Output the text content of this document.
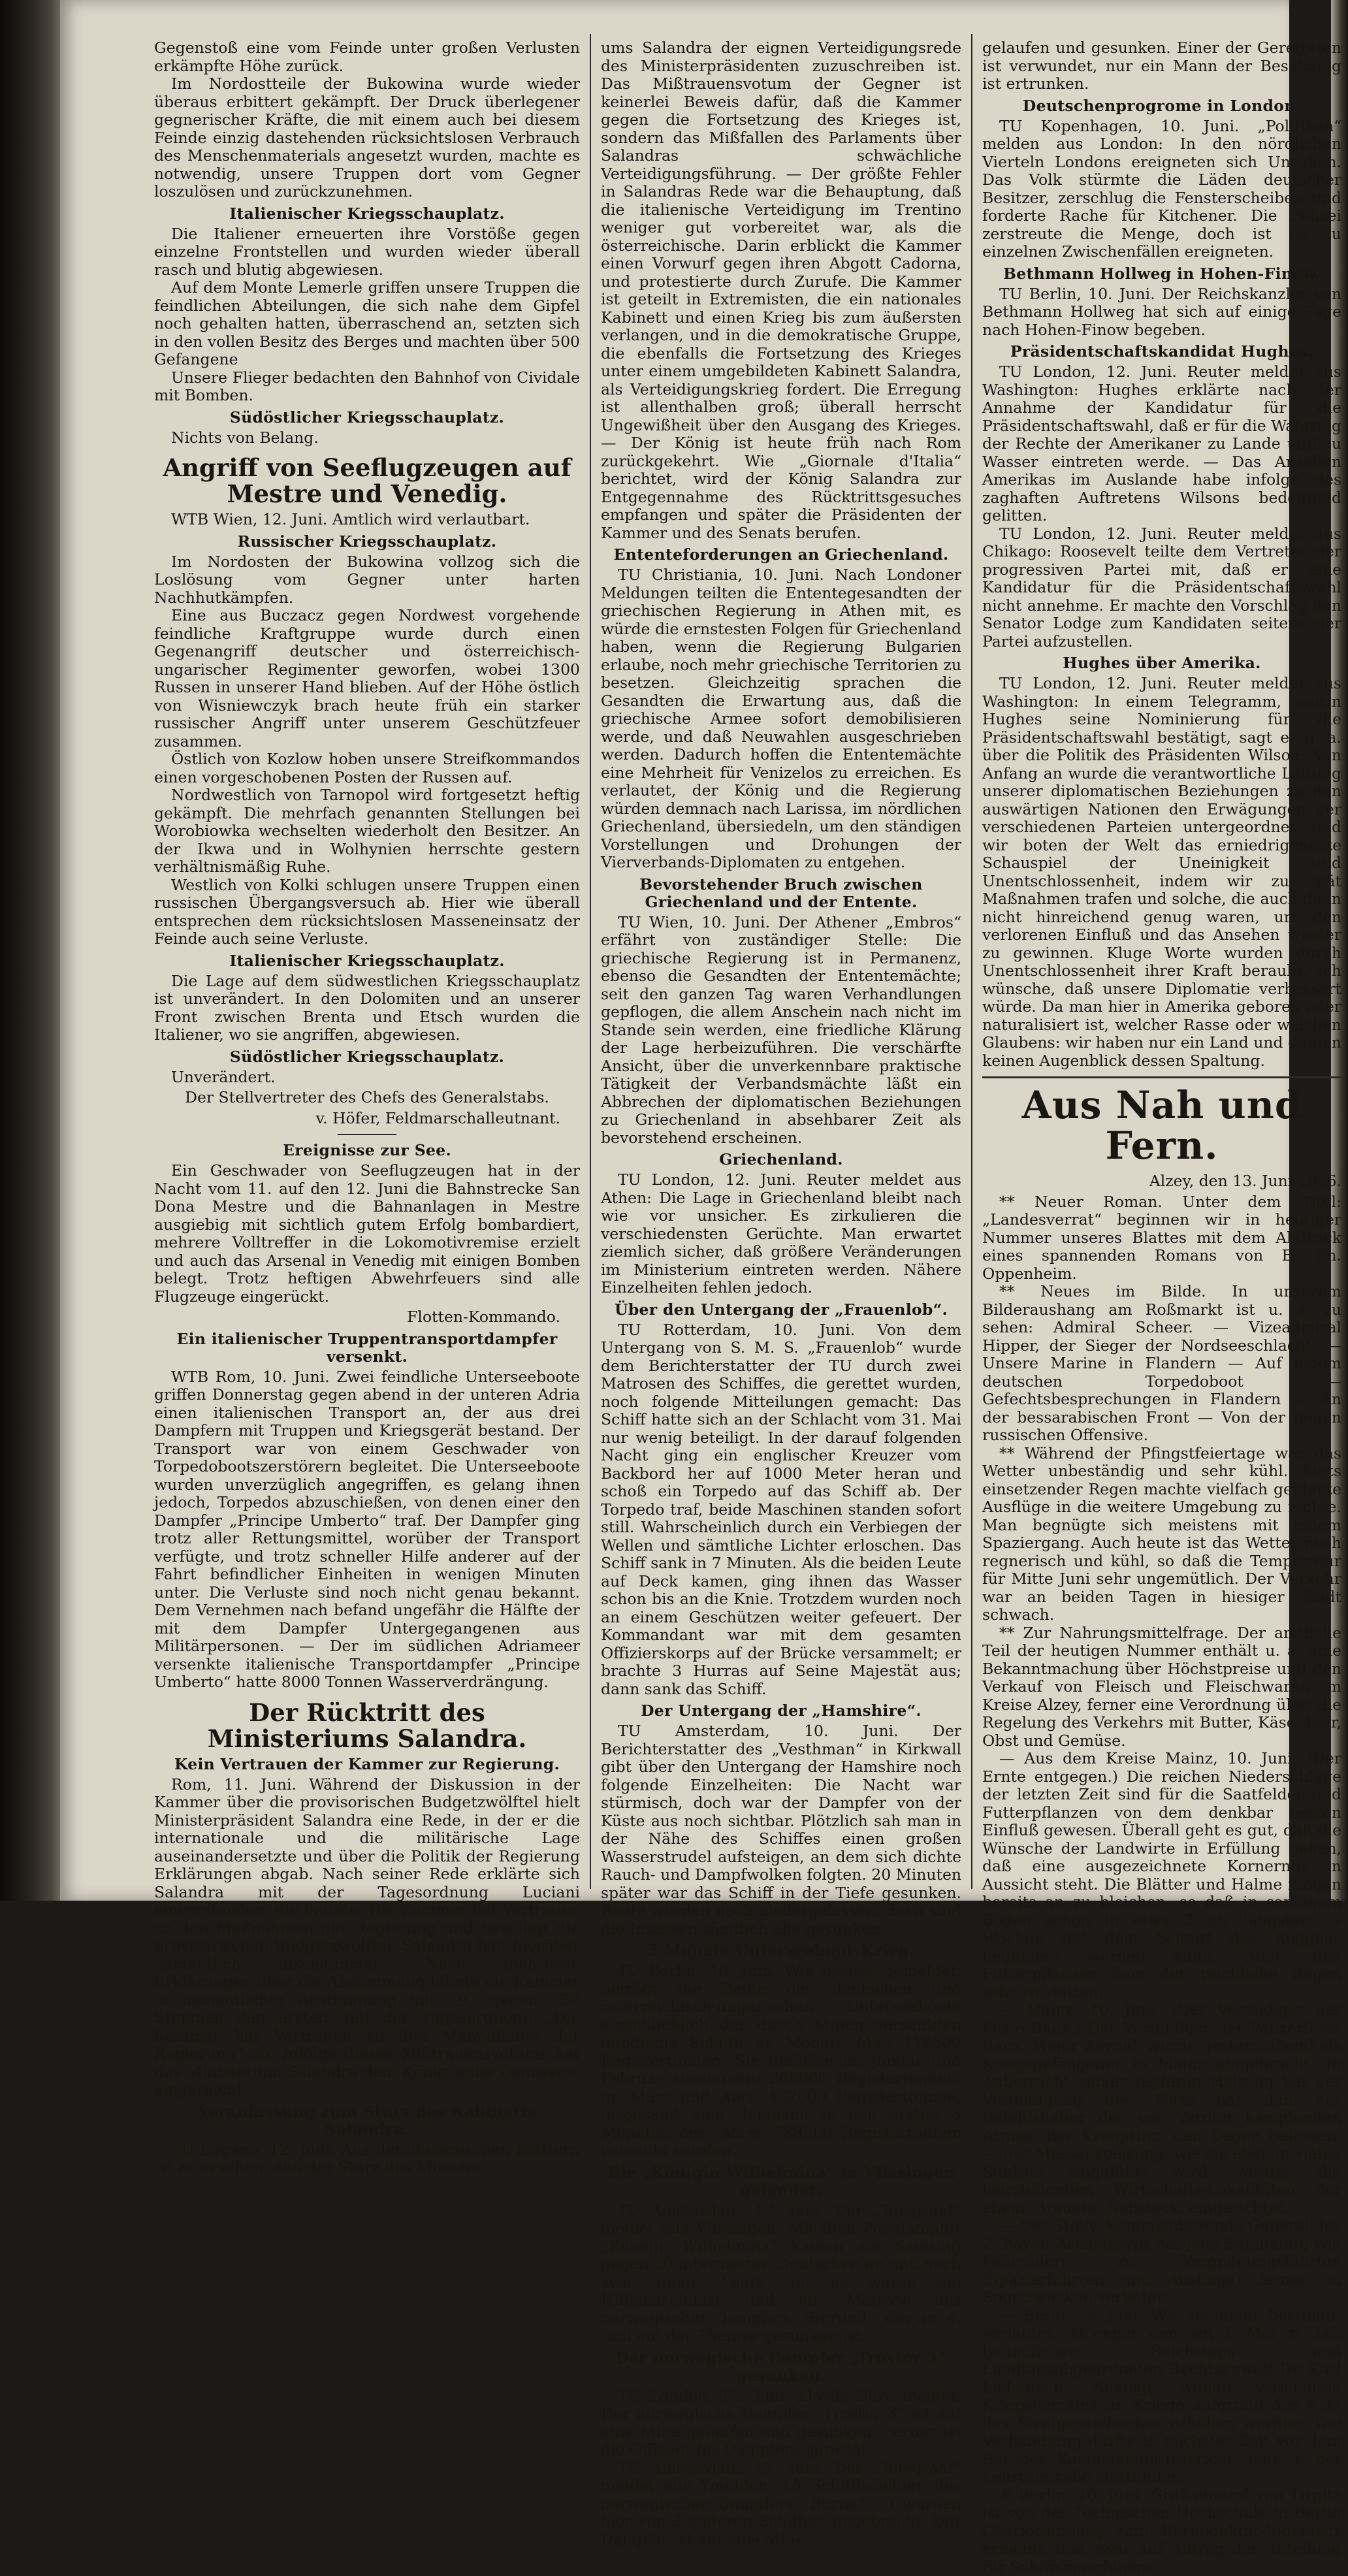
Gegenstoß eine vom Feinde unter großen Verlusten erkämpfte Höhe zurück.

Im Nordostteile der Bukowina wurde wieder überaus erbittert gekämpft. Der Druck überlegener gegnerischer Kräfte, die mit einem auch bei diesem Feinde einzig dastehenden rücksichtslosen Verbrauch des Menschenmaterials angesetzt wurden, machte es notwendig, unsere Truppen dort vom Gegner loszulösen und zurückzunehmen.

Italienischer Kriegsschauplatz.

Die Italiener erneuerten ihre Vorstöße gegen einzelne Frontstellen und wurden wieder überall rasch und blutig abgewiesen.

Auf dem Monte Lemerle griffen unsere Truppen die feindlichen Abteilungen, die sich nahe dem Gipfel noch gehalten hatten, überraschend an, setzten sich in den vollen Besitz des Berges und machten über 500 Gefangene

Unsere Flieger bedachten den Bahnhof von Cividale mit Bomben.

Südöstlicher Kriegsschauplatz.

Nichts von Belang.

Angriff von Seeflugzeugen auf Mestre und Venedig.

WTB Wien, 12. Juni. Amtlich wird verlautbart.

Russischer Kriegsschauplatz.

Im Nordosten der Bukowina vollzog sich die Loslösung vom Gegner unter harten Nachhutkämpfen.

Eine aus Buczacz gegen Nordwest vorgehende feindliche Kraftgruppe wurde durch einen Gegenangriff deutscher und österreichisch-ungarischer Regimenter geworfen, wobei 1300 Russen in unserer Hand blieben. Auf der Höhe östlich von Wisniewczyk brach heute früh ein starker russischer Angriff unter unserem Geschützfeuer zusammen.

Östlich von Kozlow hoben unsere Streifkommandos einen vorgeschobenen Posten der Russen auf.

Nordwestlich von Tarnopol wird fortgesetzt heftig gekämpft. Die mehrfach genannten Stellungen bei Worobiowka wechselten wiederholt den Besitzer. An der Ikwa und in Wolhynien herrschte gestern verhältnismäßig Ruhe.

Westlich von Kolki schlugen unsere Truppen einen russischen Übergangsversuch ab. Hier wie überall entsprechen dem rücksichtslosen Masseneinsatz der Feinde auch seine Verluste.

Italienischer Kriegsschauplatz.

Die Lage auf dem südwestlichen Kriegsschauplatz ist unverändert. In den Dolomiten und an unserer Front zwischen Brenta und Etsch wurden die Italiener, wo sie angriffen, abgewiesen.

Südöstlicher Kriegsschauplatz.

Unverändert.

Der Stellvertreter des Chefs des Generalstabs.
v. Höfer, Feldmarschalleutnant.
Ereignisse zur See.

Ein Geschwader von Seeflugzeugen hat in der Nacht vom 11. auf den 12. Juni die Bahnstrecke San Dona Mestre und die Bahnanlagen in Mestre ausgiebig mit sichtlich gutem Erfolg bombardiert, mehrere Volltreffer in die Lokomotivremise erzielt und auch das Arsenal in Venedig mit einigen Bomben belegt. Trotz heftigen Abwehrfeuers sind alle Flugzeuge eingerückt.

Flotten-Kommando.
Ein italienischer Truppentransportdampfer versenkt.

WTB Rom, 10. Juni. Zwei feindliche Unterseeboote griffen Donnerstag gegen abend in der unteren Adria einen italienischen Transport an, der aus drei Dampfern mit Truppen und Kriegsgerät bestand. Der Transport war von einem Geschwader von Torpedobootszerstörern begleitet. Die Unterseeboote wurden unverzüglich angegriffen, es gelang ihnen jedoch, Torpedos abzuschießen, von denen einer den Dampfer „Principe Umberto“ traf. Der Dampfer ging trotz aller Rettungsmittel, worüber der Transport verfügte, und trotz schneller Hilfe anderer auf der Fahrt befindlicher Einheiten in wenigen Minuten unter. Die Verluste sind noch nicht genau bekannt. Dem Vernehmen nach befand ungefähr die Hälfte der mit dem Dampfer Untergegangenen aus Militärpersonen. — Der im südlichen Adriameer versenkte italienische Transportdampfer „Principe Umberto“ hatte 8000 Tonnen Wasserverdrängung.

Der Rücktritt des Ministeriums Salandra.
Kein Vertrauen der Kammer zur Regierung.

Rom, 11. Juni. Während der Diskussion in der Kammer über die provisorischen Budgetzwölftel hielt Ministerpräsident Salandra eine Rede, in der er die internationale und die militärische Lage auseinandersetzte und über die Politik der Regierung Erklärungen abgab. Nach seiner Rede erklärte sich Salandra mit der Tagesordnung Luciani einverstanden, die lautete: Die Kammer hat Vertrauen zu den Maßnahmen der Regierung und bewilligt die provisorischen Budgetzwölftel. Salandra hat, hierüber namentlich abzustimmen. Nach mehreren Erklärungen über die Abstimmung lehnte die Kammer in namentlicher Abstimmung mit 197 gegen 158 Stimmen den ersten Teil der Tagesordnung „Die Kammer hat Vertrauen zu den Maßnahmen der Regierung“ ab. Infolge dieses Mißtrauensvotums hat das Ministerium Salandra dem König seine Demission eingereicht.

Veranlassung zum Sturz des Kabinetts Salandra.

TU Lugano, 12. Juni. Aus den italienischen Blättern ist zu ersehen, daß der Sturz des Ministeri-

ums Salandra der eignen Verteidigungsrede des Ministerpräsidenten zuzuschreiben ist. Das Mißtrauensvotum der Gegner ist keinerlei Beweis dafür, daß die Kammer gegen die Fortsetzung des Krieges ist, sondern das Mißfallen des Parlaments über Salandras schwächliche Verteidigungsführung. — Der größte Fehler in Salandras Rede war die Behauptung, daß die italienische Verteidigung im Trentino weniger gut vorbereitet war, als die österreichische. Darin erblickt die Kammer einen Vorwurf gegen ihren Abgott Cadorna, und protestierte durch Zurufe. Die Kammer ist geteilt in Extremisten, die ein nationales Kabinett und einen Krieg bis zum äußersten verlangen, und in die demokratische Gruppe, die ebenfalls die Fortsetzung des Krieges unter einem umgebildeten Kabinett Salandra, als Verteidigungskrieg fordert. Die Erregung ist allenthalben groß; überall herrscht Ungewißheit über den Ausgang des Krieges. — Der König ist heute früh nach Rom zurückgekehrt. Wie „Giornale d'Italia“ berichtet, wird der König Salandra zur Entgegennahme des Rücktrittsgesuches empfangen und später die Präsidenten der Kammer und des Senats berufen.

Ententeforderungen an Griechenland.

TU Christiania, 10. Juni. Nach Londoner Meldungen teilten die Ententegesandten der griechischen Regierung in Athen mit, es würde die ernstesten Folgen für Griechenland haben, wenn die Regierung Bulgarien erlaube, noch mehr griechische Territorien zu besetzen. Gleichzeitig sprachen die Gesandten die Erwartung aus, daß die griechische Armee sofort demobilisieren werde, und daß Neuwahlen ausgeschrieben werden. Dadurch hoffen die Ententemächte eine Mehrheit für Venizelos zu erreichen. Es verlautet, der König und die Regierung würden demnach nach Larissa, im nördlichen Griechenland, übersiedeln, um den ständigen Vorstellungen und Drohungen der Vierverbands-Diplomaten zu entgehen.

Bevorstehender Bruch zwischen Griechenland und der Entente.

TU Wien, 10. Juni. Der Athener „Embros“ erfährt von zuständiger Stelle: Die griechische Regierung ist in Permanenz, ebenso die Gesandten der Ententemächte; seit den ganzen Tag waren Verhandlungen gepflogen, die allem Anschein nach nicht im Stande sein werden, eine friedliche Klärung der Lage herbeizuführen. Die verschärfte Ansicht, über die unverkennbare praktische Tätigkeit der Verbandsmächte läßt ein Abbrechen der diplomatischen Beziehungen zu Griechenland in absehbarer Zeit als bevorstehend erscheinen.

Griechenland.

TU London, 12. Juni. Reuter meldet aus Athen: Die Lage in Griechenland bleibt nach wie vor unsicher. Es zirkulieren die verschiedensten Gerüchte. Man erwartet ziemlich sicher, daß größere Veränderungen im Ministerium eintreten werden. Nähere Einzelheiten fehlen jedoch.

Über den Untergang der „Frauenlob“.

TU Rotterdam, 10. Juni. Von dem Untergang von S. M. S. „Frauenlob“ wurde dem Berichterstatter der TU durch zwei Matrosen des Schiffes, die gerettet wurden, noch folgende Mitteilungen gemacht: Das Schiff hatte sich an der Schlacht vom 31. Mai nur wenig beteiligt. In der darauf folgenden Nacht ging ein englischer Kreuzer vom Backbord her auf 1000 Meter heran und schoß ein Torpedo auf das Schiff ab. Der Torpedo traf, beide Maschinen standen sofort still. Wahrscheinlich durch ein Verbiegen der Wellen und sämtliche Lichter erloschen. Das Schiff sank in 7 Minuten. Als die beiden Leute auf Deck kamen, ging ihnen das Wasser schon bis an die Knie. Trotzdem wurden noch an einem Geschützen weiter gefeuert. Der Kommandant war mit dem gesamten Offizierskorps auf der Brücke versammelt; er brachte 3 Hurras auf Seine Majestät aus; dann sank das Schiff.

Der Untergang der „Hamshire“.

TU Amsterdam, 10. Juni. Der Berichterstatter des „Vesthman“ in Kirkwall gibt über den Untergang der Hamshire noch folgende Einzelheiten: Die Nacht war stürmisch, doch war der Dampfer von der Küste aus noch sichtbar. Plötzlich sah man in der Nähe des Schiffes einen großen Wasserstrudel aufsteigen, an dem sich dichte Rauch- und Dampfwolken folgten. 20 Minuten später war das Schiff in der Tiefe gesunken. Boote wurden noch niedergelassen, doch sind die Insassen sämtlich alle gesunken.

5 Monate Unterseeboot-Krieg.

TU Berlin, 10. Juni. Wie bereits gemeldet, beträgt die Beute der deutschen und österreichisch-ungarischen Unterseeboote einschließlich der durch Minen versenkten feindliche Schiffe im Monate Mai; 118500 Registertonnen. Sie umfaßte im Januar und Februar zusammen: 268000 Registertonnen, im März und April 432000 Registertonnen, insgesamt sind demnach in den ersten 5 Monaten des Jahres 788500 Registertonnen versenkt worden.

Die „Königin Wilhelmina“ in Vlissingen gelandet.

TU Amsterdam, 12. Juni. Der „Telegraaf“ meldet aus Vlissingen: Mit dem Postdampfer „Königin Wilhelmina“ kamen am Samstag gegen 30 internierten Deutschen an und noch zwei junge Leute an; es waren ein Hilfsmaschinist und ein Matrose des norwegischen Dampfers „Sigrund“, der am 4. Juni auf der Themse gesunken ist.

Der norwegische Dampfer „Trostor 3“ gesunken.

TU London, 12. Juni. Lloyds Büro meldet: Der norwegische Dampfer „Trostor 3“ ist auf eine Mine gelaufen und gesunken. Ferner ist die Offizier des Dampfers gerettet.

TU Amsterdam, 12. Juni. Der „Telegraaf“ meldet aus Ymuiden: 15 Schiffbrüchige des norwegischen Dampfers „Burne“ (?) wurden hier von 2 anderen Schiffen eingebracht. Der Dampfer ist auf eine Mine

gelaufen und gesunken. Einer der Geretteten ist verwundet, nur ein Mann der Besatzung ist ertrunken.

Deutschenprogrome in London.

TU Kopenhagen, 10. Juni. „Politiken“ melden aus London: In den nördlichen Vierteln Londons ereigneten sich Unruhen. Das Volk stürmte die Läden deutscher Besitzer, zerschlug die Fensterscheiben und forderte Rache für Kitchener. Die Polizei zerstreute die Menge, doch ist es zu einzelnen Zwischenfällen ereigneten.

Bethmann Hollweg in Hohen-Finow.

TU Berlin, 10. Juni. Der Reichskanzler von Bethmann Hollweg hat sich auf einige Tage nach Hohen-Finow begeben.

Präsidentschaftskandidat Hughes.

TU London, 12. Juni. Reuter meldet aus Washington: Hughes erklärte nach der Annahme der Kandidatur für die Präsidentschaftswahl, daß er für die Wahrung der Rechte der Amerikaner zu Lande und zu Wasser eintreten werde. — Das Ansehen Amerikas im Auslande habe infolge des zaghaften Auftretens Wilsons bedeutend gelitten.

TU London, 12. Juni. Reuter meldet aus Chikago: Roosevelt teilte dem Vertreter der progressiven Partei mit, daß er eine Kandidatur für die Präsidentschaftswahl nicht annehme. Er machte den Vorschlag den Senator Lodge zum Kandidaten seitens der Partei aufzustellen.

Hughes über Amerika.

TU London, 12. Juni. Reuter meldet aus Washington: In einem Telegramm, worin Hughes seine Nominierung für die Präsidentschaftswahl bestätigt, sagt er u. a. über die Politik des Präsidenten Wilson: Von Anfang an wurde die verantwortliche Leitung unserer diplomatischen Beziehungen zu den auswärtigen Nationen den Erwägungen der verschiedenen Parteien untergeordnet, und wir boten der Welt das erniedrigendste Schauspiel der Uneinigkeit und Unentschlossenheit, indem wir zu spät Maßnahmen trafen und solche, die auch dann nicht hinreichend genug waren, um den verlorenen Einfluß und das Ansehen wieder zu gewinnen. Kluge Worte wurden durch Unentschlossenheit ihrer Kraft beraubt. Ich wünsche, daß unsere Diplomatie verbessert würde. Da man hier in Amerika geboren oder naturalisiert ist, welcher Rasse oder welchen Glaubens: wir haben nur ein Land und dulden keinen Augenblick dessen Spaltung.

Aus Nah und Fern.
Alzey, den 13. Juni 1916.

** Neuer Roman. Unter dem Titel: „Landesverrat“ beginnen wir in heutiger Nummer unseres Blattes mit dem Abdruck eines spannenden Romans von E. Ph. Oppenheim.

** Neues im Bilde. In unserem Bilderaushang am Roßmarkt ist u. a. zu sehen: Admiral Scheer. — Vizeadmiral Hipper, der Sieger der Nordseeschlacht. — Unsere Marine in Flandern — Auf einem deutschen Torpedoboot — Gefechtsbesprechungen in Flandern — An der bessarabischen Front — Von der neuen russischen Offensive.

** Während der Pfingstfeiertage war das Wetter unbeständig und sehr kühl. Stets einsetzender Regen machte vielfach geplante Ausflüge in die weitere Umgebung zu nichte. Man begnügte sich meistens mit einem Spaziergang. Auch heute ist das Wetter noch regnerisch und kühl, so daß die Temperatur für Mitte Juni sehr ungemütlich. Der Verkehr war an beiden Tagen in hiesiger Stadt schwach.

** Zur Nahrungsmittelfrage. Der amtliche Teil der heutigen Nummer enthält u. a. eine Bekanntmachung über Höchstpreise und den Verkauf von Fleisch und Fleischwaren im Kreise Alzey, ferner eine Verordnung über die Regelung des Verkehrs mit Butter, Käse, Eier, Obst und Gemüse.

— Aus dem Kreise Mainz, 10. Juni. (Der Ernte entgegen.) Die reichen Niederschläge der letzten Zeit sind für die Saatfelder und Futterpflanzen von dem denkbar besten Einfluß gewesen. Überall geht es gut, daß die Wünsche der Landwirte in Erfüllung gehen, daß eine ausgezeichnete Kornernte in Aussicht steht. Die Blätter und Halme fangen bereits an zu bleichen, so daß in sandigem Boden schon in etwa 3 bis längstens 4 Wochen mit dem Schnitt des Roggens begonnen werden kann. Auch den Futterpflanzen kam der reichliche Regen sehr zu statten.

— Mainz, 10. Juni. (Der Verteidiger der Feste Baux.) Der Verteidiger der Panzerfeste Baux, Major Raynal, wurde gestern abend als Kriegsgefangener in Mainz eingebracht. In Anbetracht seiner tapferen Haltung bei der Verteidigung des Forts hat ihm der Befehlshaber der vor Verdun kämpfenden Armee, der Kronprinz, den Degen belassen. — Für Massenspeisung, wie sie eben in vielen Städten eingeführt wird, werden die leerstehenden Wirtschafts-Lokalitäten der ehem. Brauerei Rebstock, eingerichtet.

— Der Stellv. Kommandierende General des 2. Bayer. Armeekorps hat jede Benützung von Fahrrädern zu Vergnügungsfahrten (Spazierfahrten und Ausflüge) ferner zu Sportzwecken verboten.

— Berlin, 9. Juni. Wie nunmehr bestimmt verlautet, ist gegen den seit 1. Mai in Haft befindlichen Reichstags- und Landtagsabgeordneten Rechtsanwalt Dr. Karl Liebknecht Anklage wegen versuchten Kriegsverrates im Kriege aufgrund des § 89 des Strafgesetzbuches erhoben worden. Die Verhandlung dürfte in nächster Zeit vor dem Berliner Kommandanturgericht oder in der Lehrterstraße stattfinden.

# Berlin, 10. Juni. Großadmiral von Tirpitz ist von der Technischen Hochschule in Berlin Charlottenburg zum Ehrendoktor-Ingenieur ernannt, und zwar auf Antrag der Abteilung für Schiffsmaschinen-
